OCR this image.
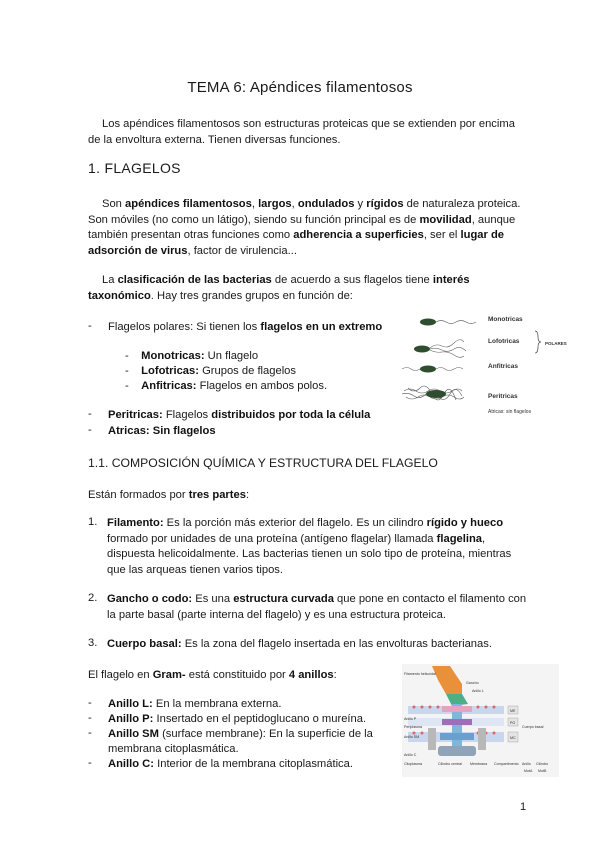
TEMA 6: Apéndices filamentosos
Los apéndices filamentosos son estructuras proteicas que se extienden por encima de la envoltura externa. Tienen diversas funciones.
1. FLAGELOS
Son apéndices filamentosos, largos, ondulados y rígidos de naturaleza proteica. Son móviles (no como un látigo), siendo su función principal es de movilidad, aunque también presentan otras funciones como adherencia a superficies, ser el lugar de adsorción de virus, factor de virulencia...
La clasificación de las bacterias de acuerdo a sus flagelos tiene interés taxonómico. Hay tres grandes grupos en función de:
- Flagelos polares: Si tienen los flagelos en un extremo
-    Monotricas: Un flagelo
-    Lofotricas: Grupos de flagelos
-    Anfitricas: Flagelos en ambos polos.
- Peritricas: Flagelos distribuidos por toda la célula
- Atricas: Sin flagelos
Monotricas
Lofotricas	POLARES
Anfitricas
Peritricas
Atricas: sin flagelos
1.1. COMPOSICIÓN QUÍMICA Y ESTRUCTURA DEL FLAGELO
Están formados por tres partes:
1. Filamento: Es la porción más exterior del flagelo. Es un cilindro rígido y hueco
formado por unidades de una proteína (antígeno flagelar) llamada flagelina,
dispuesta helicoidalmente. Las bacterias tienen un solo tipo de proteína, mientras
que las arqueas tienen varios tipos.
2. Gancho o codo: Es una estructura curvada que pone en contacto el filamento con
la parte basal (parte interna del flagelo) y es una estructura proteica.
3. Cuerpo basal: Es la zona del flagelo insertada en las envolturas bacterianas.
El flagelo en Gram- está constituido por 4 anillos:
- Anillo L: En la membrana externa.
- Anillo P: Insertado en el peptidoglucano o mureína.
- Anillo SM (surface membrane): En la superficie de la
membrana citoplasmática.
- Anillo C: Interior de la membrana citoplasmática.
Filamento helicoidal
Gancho
Anillo L
Anillo P
Periplasma
Anillo SM
Anillo C
Citoplasma	Cilindro central Membrana
ME
PG
MC
Cuerpo basal
Compartimento Anillo Cilindro
MotA MotB
1
